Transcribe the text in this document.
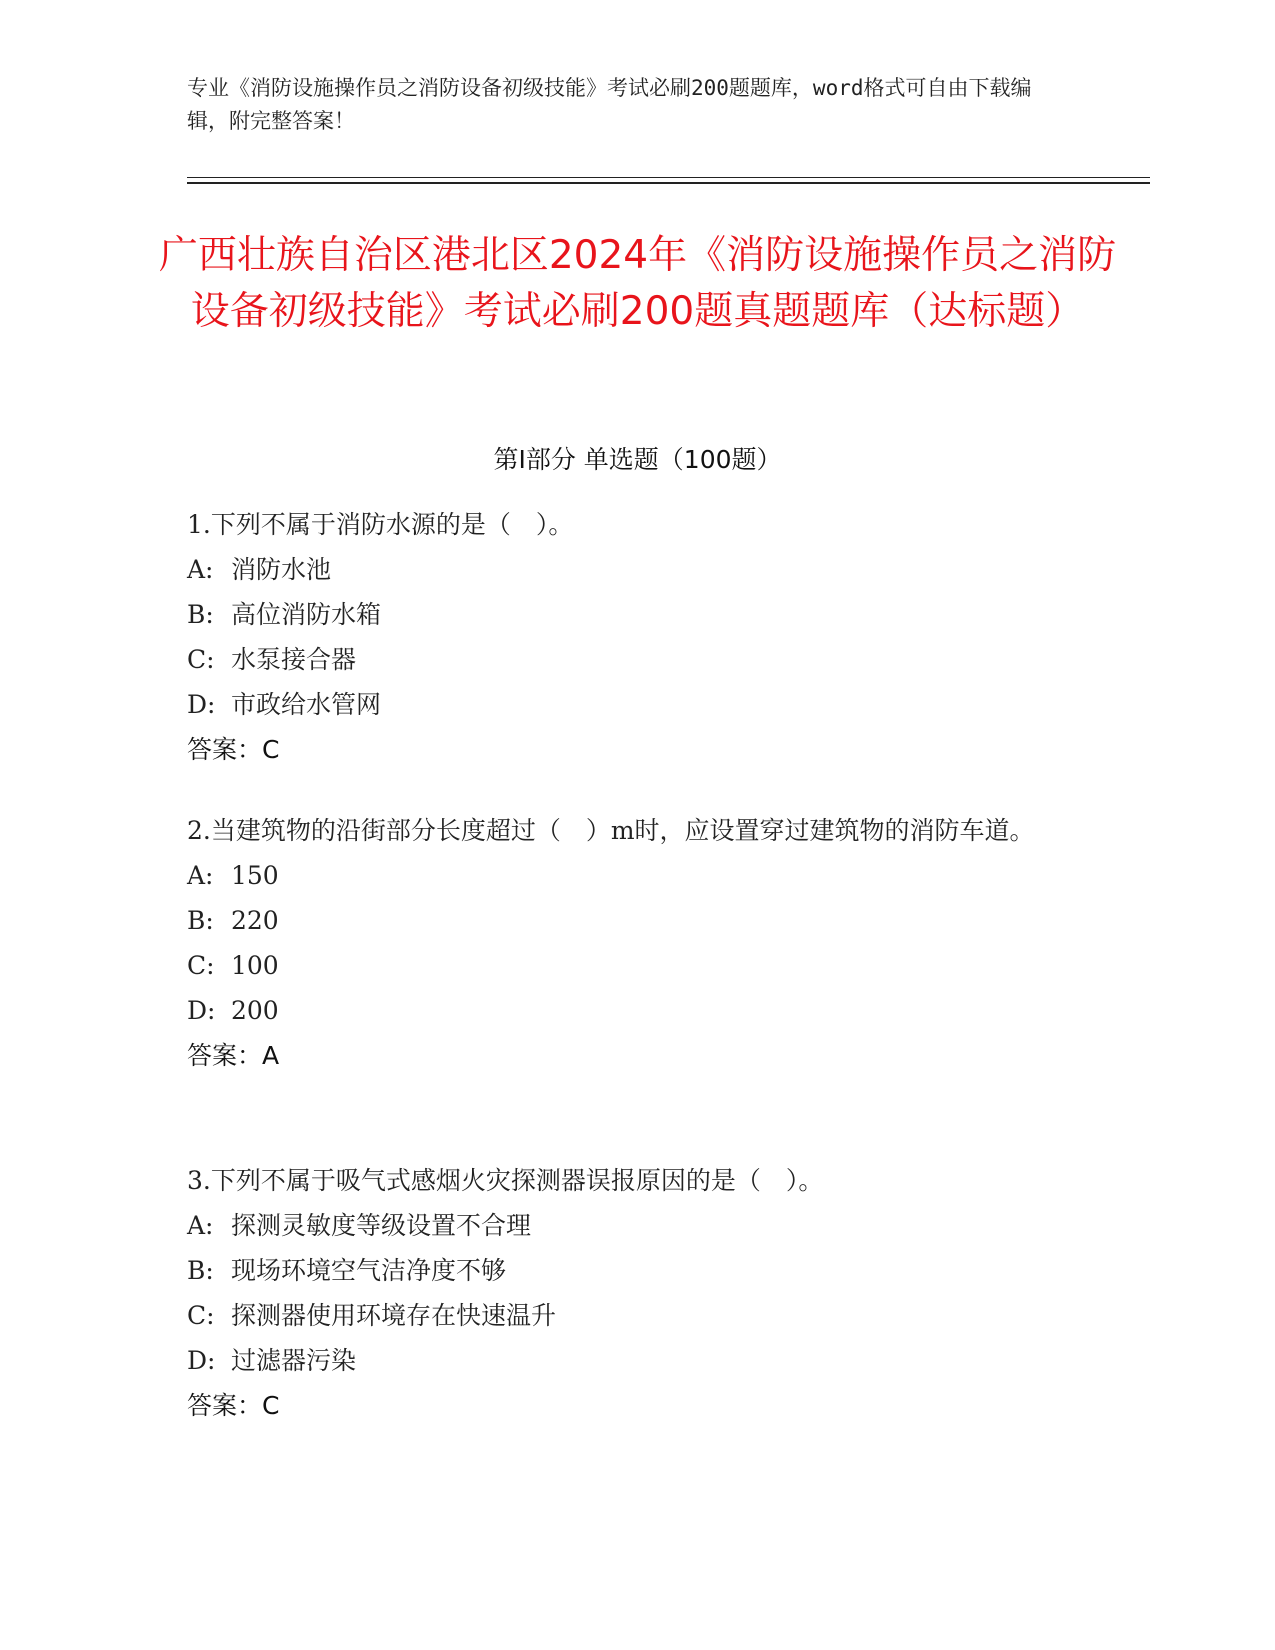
专业《消防设施操作员之消防设备初级技能》考试必刷200题题库，word格式可自由下载编辑，附完整答案！
广西壮族自治区港北区2024年《消防设施操作员之消防设备初级技能》考试必刷200题真题题库（达标题）
第Ⅰ部分 单选题（100题）
1.下列不属于消防水源的是（　）。
A: 消防水池
B: 高位消防水箱
C: 水泵接合器
D: 市政给水管网
答案：C
2.当建筑物的沿街部分长度超过（　）m时，应设置穿过建筑物的消防车道。
A: 150
B: 220
C: 100
D: 200
答案：A
3.下列不属于吸气式感烟火灾探测器误报原因的是（　）。
A: 探测灵敏度等级设置不合理
B: 现场环境空气洁净度不够
C: 探测器使用环境存在快速温升
D: 过滤器污染
答案：C
